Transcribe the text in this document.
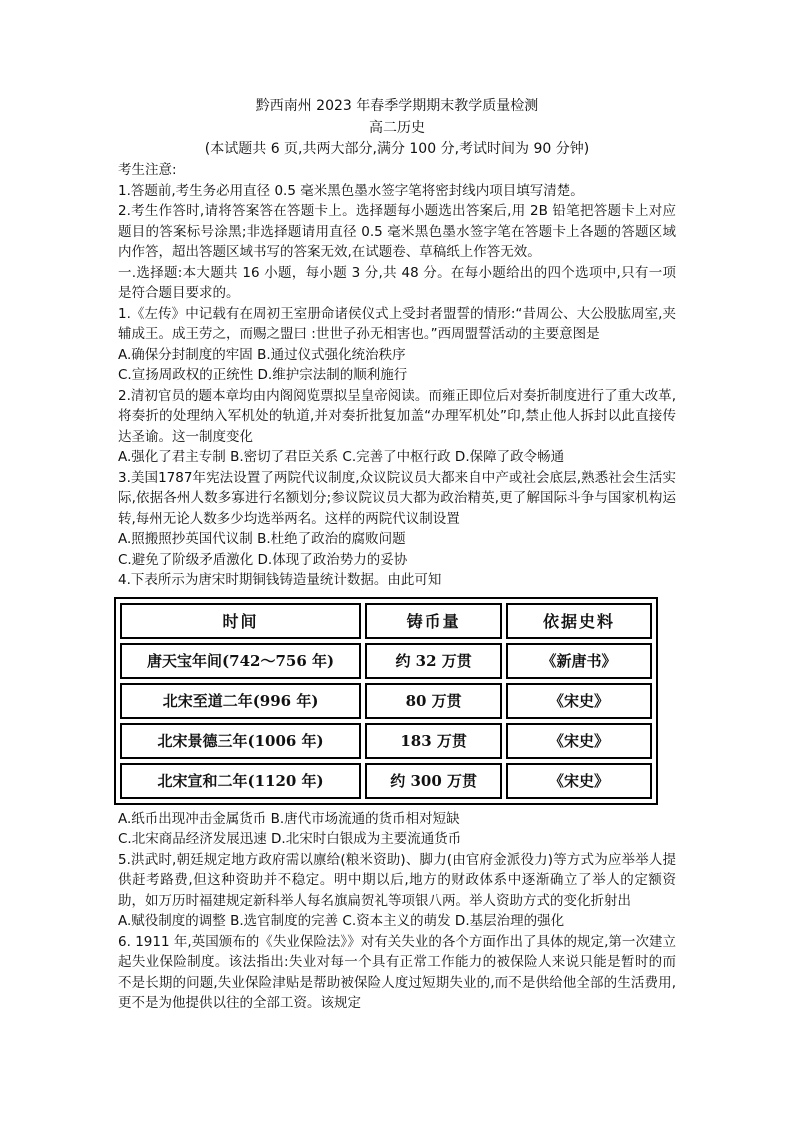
黔西南州 2023 年春季学期期末教学质量检测
高二历史
(本试题共 6 页,共两大部分,满分 100 分,考试时间为 90 分钟)

考生注意:

1.答题前,考生务必用直径 0.5 毫米黑色墨水签字笔将密封线内项目填写清楚。

2.考生作答时,请将答案答在答题卡上。选择题每小题选出答案后,用 2B 铅笔把答题卡上对应题目的答案标号涂黑;非选择题请用直径 0.5 毫米黑色墨水签字笔在答题卡上各题的答题区域内作答，超出答题区域书写的答案无效,在试题卷、草稿纸上作答无效。

一.选择题:本大题共 16 小题，每小题 3 分,共 48 分。在每小题给出的四个选项中,只有一项是符合题目要求的。

1.《左传》中记载有在周初王室册命诸侯仪式上受封者盟誓的情形:“昔周公、大公股肱周室,夹辅成王。成王劳之，而赐之盟曰 :世世子孙无相害也。”西周盟誓活动的主要意图是

A.确保分封制度的牢固 B.通过仪式强化统治秩序

C.宣扬周政权的正统性 D.维护宗法制的顺利施行

2.清初官员的题本章均由内阁阅览票拟呈皇帝阅读。而雍正即位后对奏折制度进行了重大改革,将奏折的处理纳入军机处的轨道,并对奏折批复加盖“办理军机处”印,禁止他人拆封以此直接传达圣谕。这一制度变化

A.强化了君主专制 B.密切了君臣关系 C.完善了中枢行政 D.保障了政令畅通

3.美国1787年宪法设置了两院代议制度,众议院议员大都来自中产或社会底层,熟悉社会生活实际,依据各州人数多寡进行名额划分;参议院议员大都为政治精英,更了解国际斗争与国家机构运转,每州无论人数多少均选举两名。这样的两院代议制设置

A.照搬照抄英国代议制 B.杜绝了政治的腐败问题

C.避免了阶级矛盾激化 D.体现了政治势力的妥协

4.下表所示为唐宋时期铜钱铸造量统计数据。由此可知

时间	铸币量	依据史料
唐天宝年间(742～756 年)	约 32 万贯	《新唐书》
北宋至道二年(996 年)	80 万贯	《宋史》
北宋景德三年(1006 年)	183 万贯	《宋史》
北宋宣和二年(1120 年)	约 300 万贯	《宋史》

A.纸币出现冲击金属货币 B.唐代市场流通的货币相对短缺

C.北宋商品经济发展迅速 D.北宋时白银成为主要流通货币

5.洪武时,朝廷规定地方政府需以廪给(粮米资助)、脚力(由官府金派役力)等方式为应举举人提供赶考路费,但这种资助并不稳定。明中期以后,地方的财政体系中逐渐确立了举人的定额资助，如万历时福建规定新科举人每名旗扁贺礼等项银八两。举人资助方式的变化折射出

A.赋役制度的调整 B.选官制度的完善 C.资本主义的萌发 D.基层治理的强化

6. 1911 年,英国颁布的《失业保险法》》对有关失业的各个方面作出了具体的规定,第一次建立起失业保险制度。该法指出:失业对每一个具有正常工作能力的被保险人来说只能是暂时的而不是长期的问题,失业保险津贴是帮助被保险人度过短期失业的,而不是供给他全部的生活费用,更不是为他提供以往的全部工资。该规定
